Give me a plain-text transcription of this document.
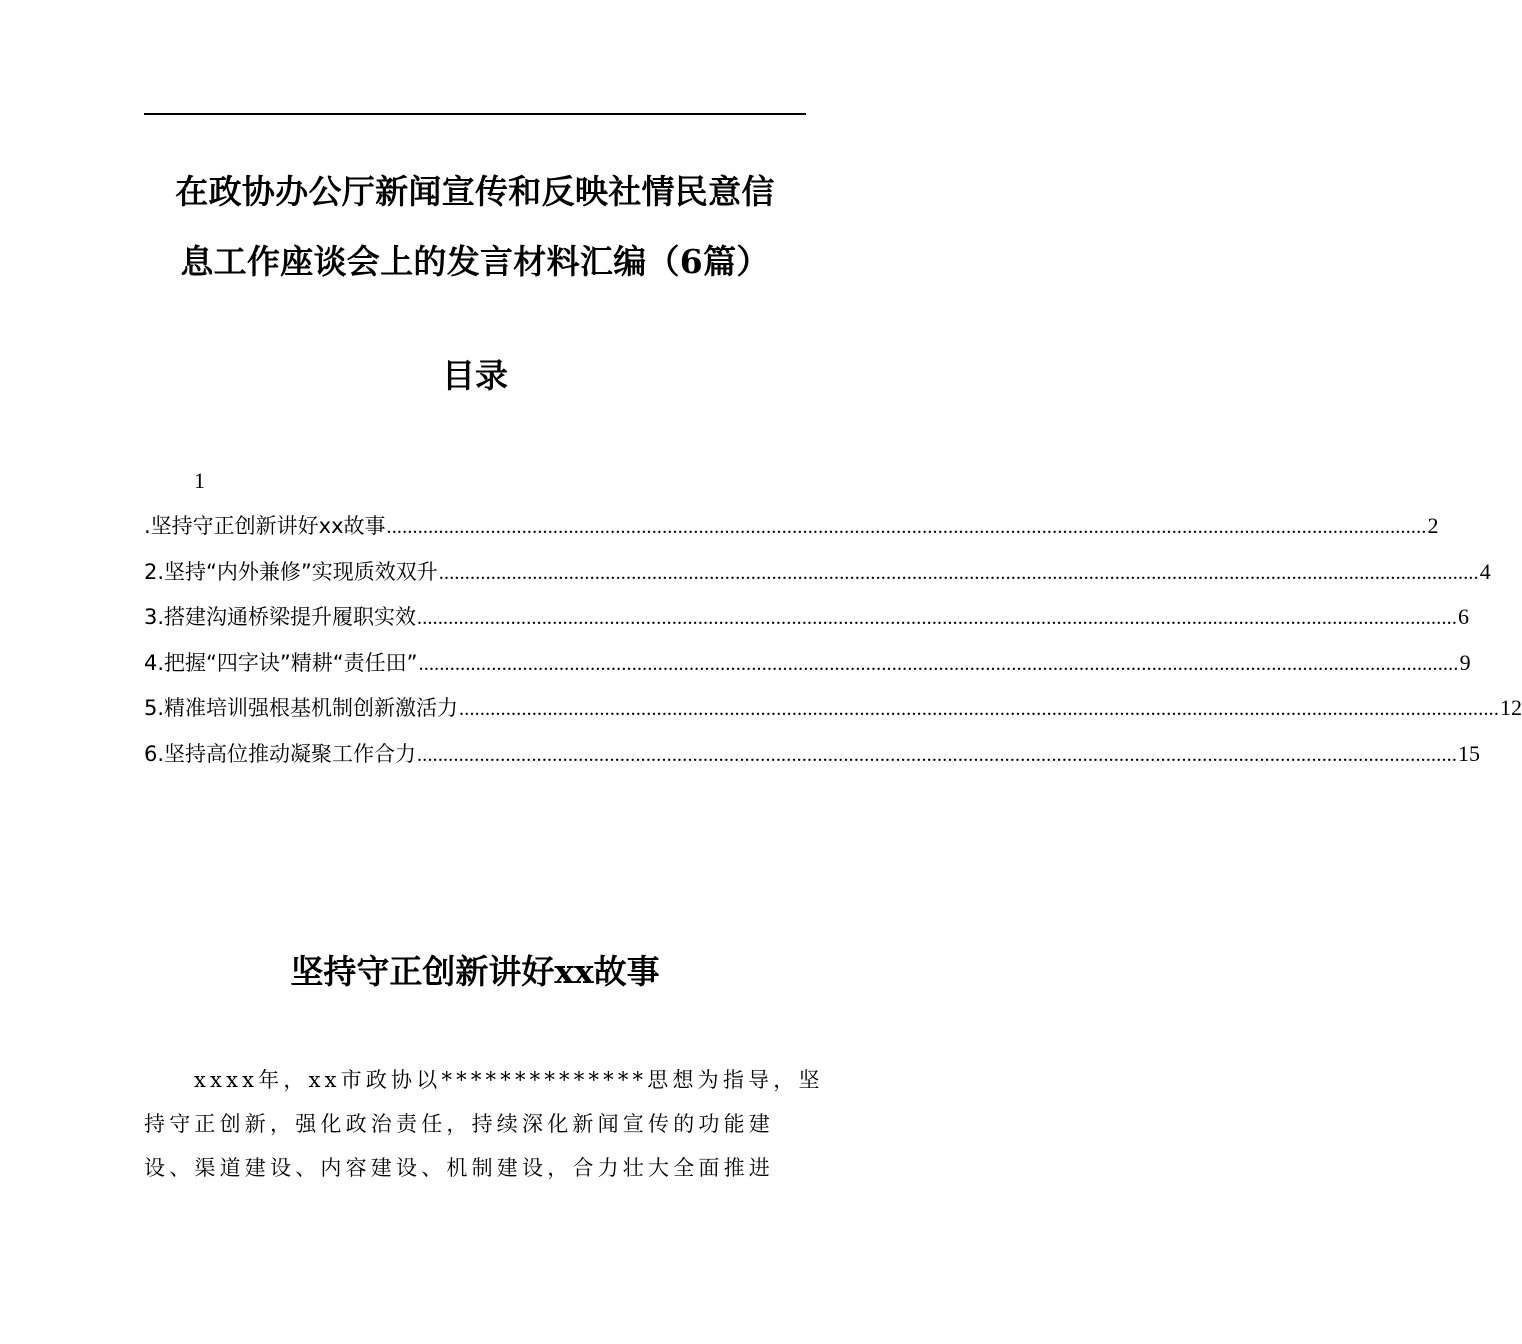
在政协办公厅新闻宣传和反映社情民意信
息工作座谈会上的发言材料汇编（6篇）
目录
1
.坚持守正创新讲好xx故事 ........................................................................................................................................................................................................ 2
2.坚持“内外兼修”实现质效双升 ........................................................................................................................................................................................................ 4
3.搭建沟通桥梁提升履职实效 ........................................................................................................................................................................................................ 6
4.把握“四字诀”精耕“责任田” ........................................................................................................................................................................................................ 9
5.精准培训强根基机制创新激活力 ........................................................................................................................................................................................................ 12
6.坚持高位推动凝聚工作合力 ........................................................................................................................................................................................................ 15
坚持守正创新讲好xx故事
xxxx年，xx市政协以**************思想为指导，坚
持守正创新，强化政治责任，持续深化新闻宣传的功能建
设、渠道建设、内容建设、机制建设，合力壮大全面推进
